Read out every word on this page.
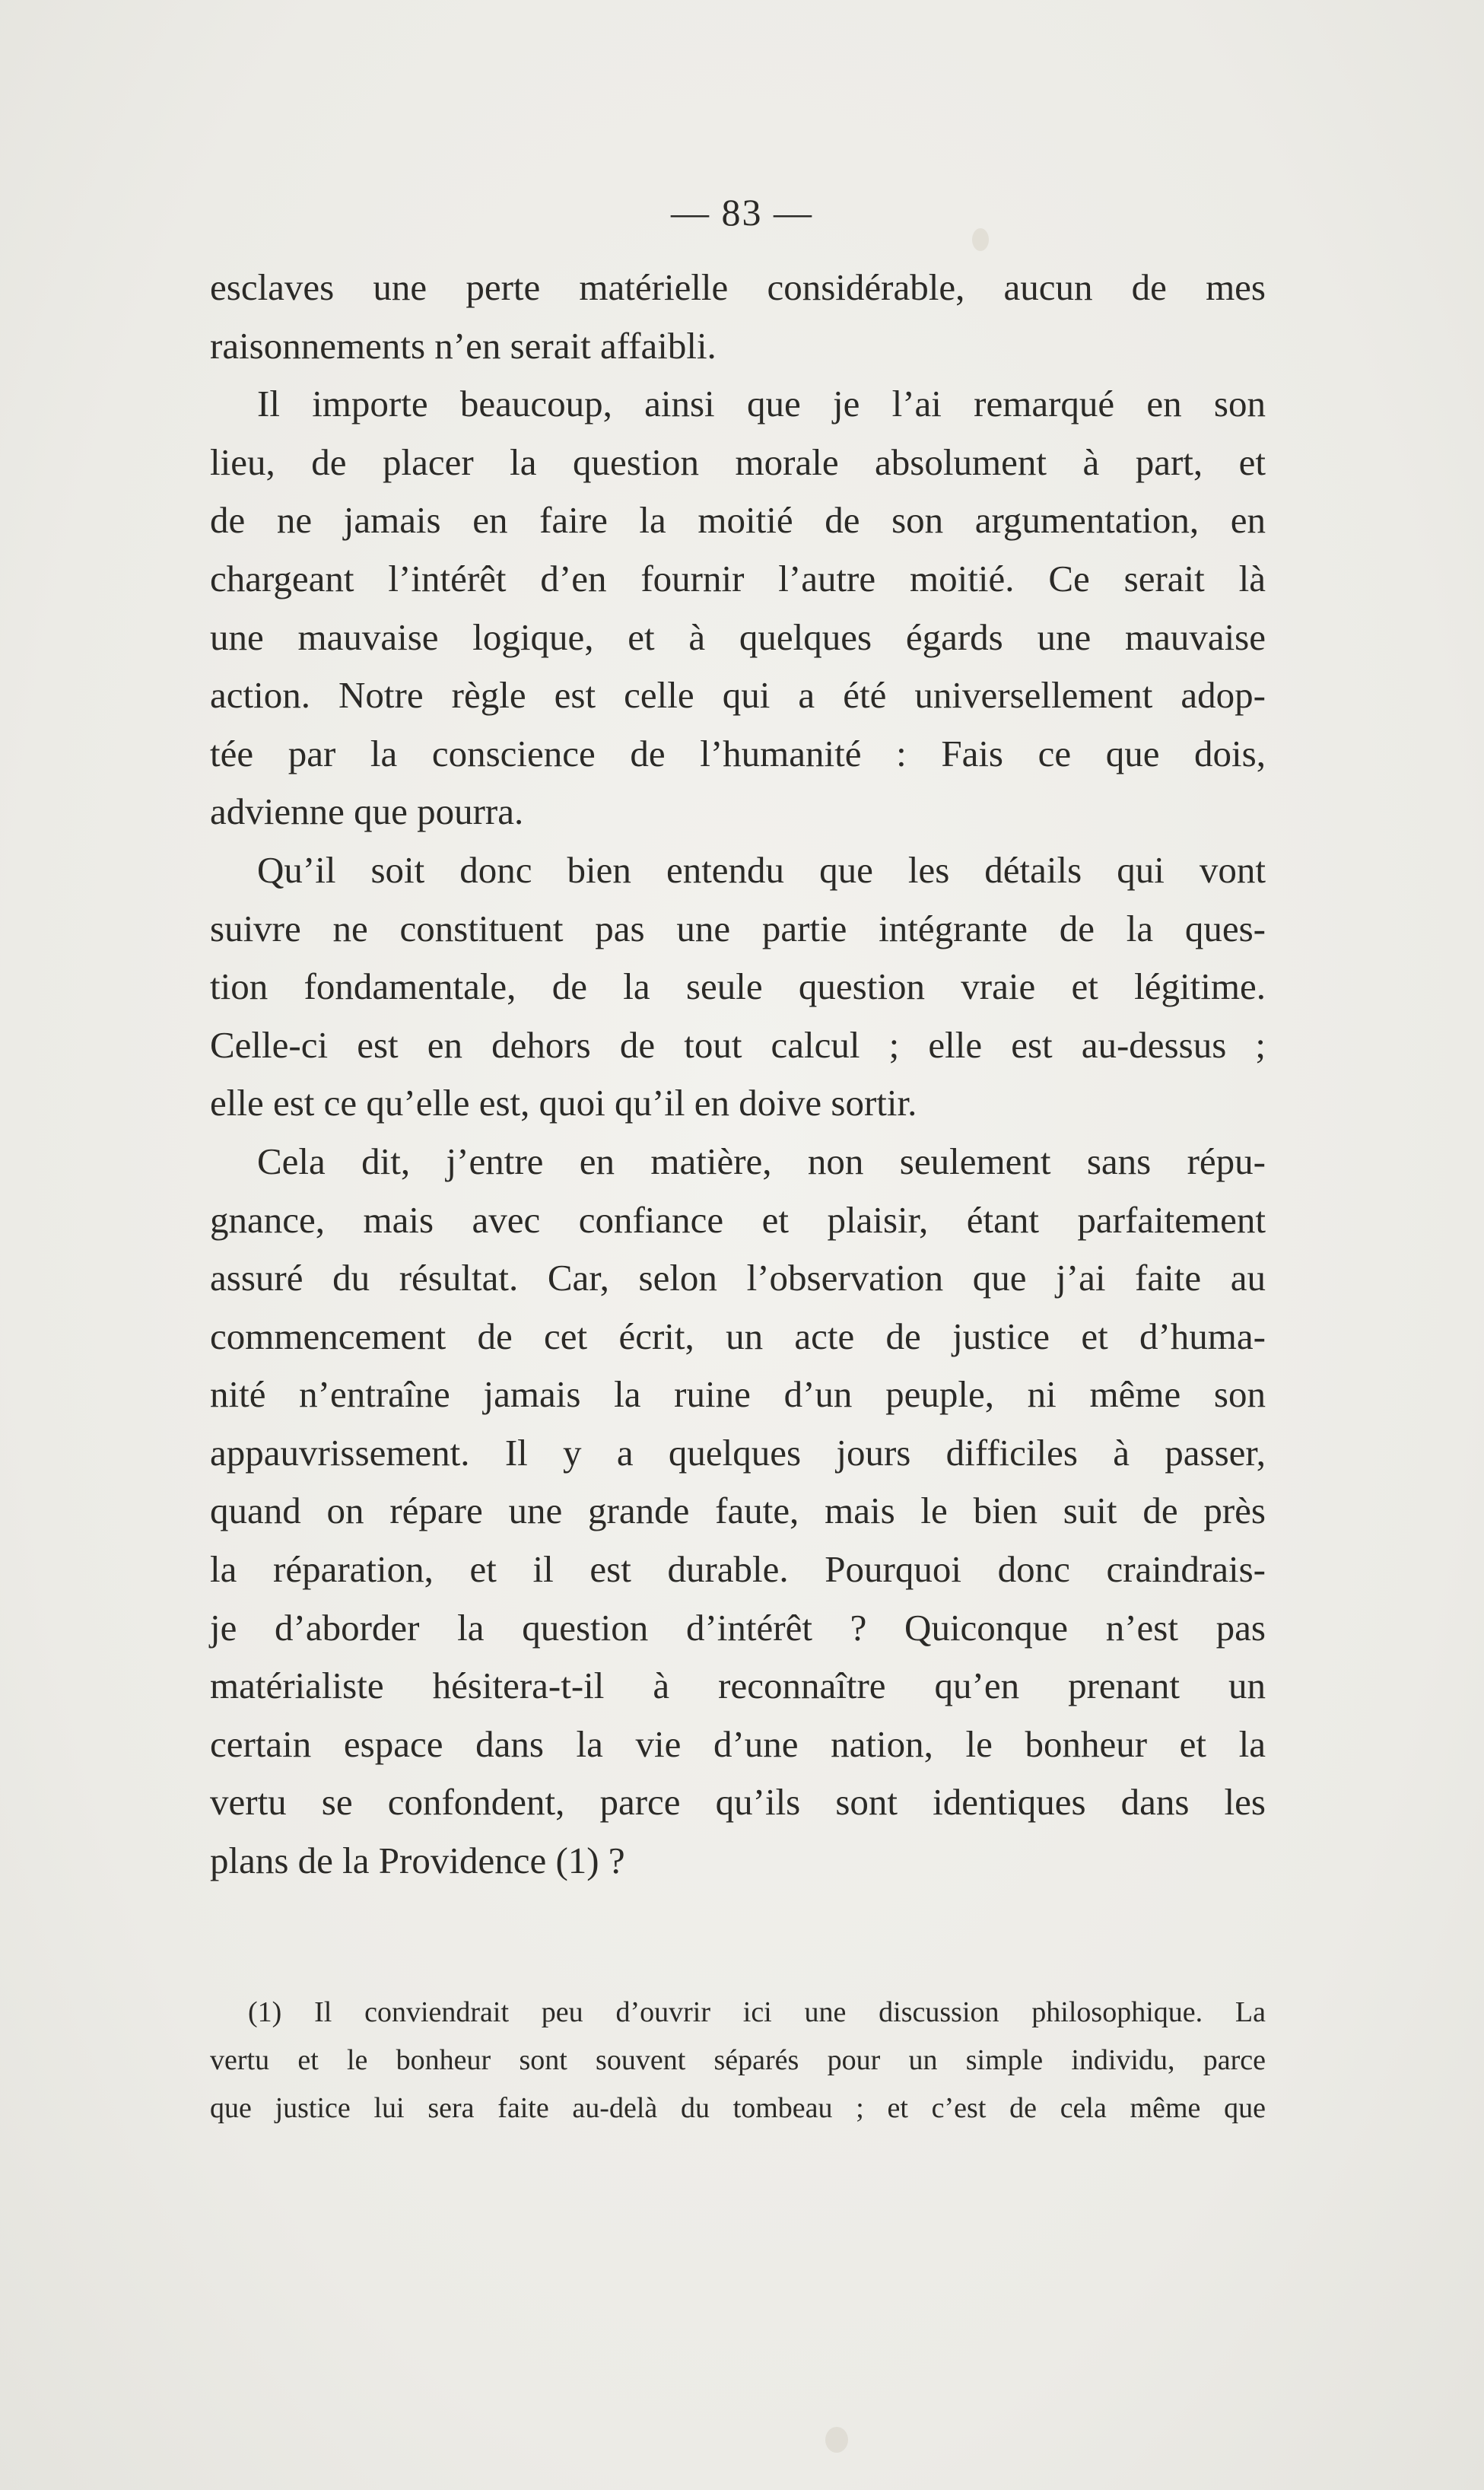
— 83 —
esclaves une perte matérielle considérable, aucun de mes
raisonnements n’en serait affaibli.
Il importe beaucoup, ainsi que je l’ai remarqué en son
lieu, de placer la question morale absolument à part, et
de ne jamais en faire la moitié de son argumentation, en
chargeant l’intérêt d’en fournir l’autre moitié. Ce serait là
une mauvaise logique, et à quelques égards une mauvaise
action. Notre règle est celle qui a été universellement adop-
tée par la conscience de l’humanité : Fais ce que dois,
advienne que pourra.
Qu’il soit donc bien entendu que les détails qui vont
suivre ne constituent pas une partie intégrante de la ques-
tion fondamentale, de la seule question vraie et légitime.
Celle-ci est en dehors de tout calcul ; elle est au-dessus ;
elle est ce qu’elle est, quoi qu’il en doive sortir.
Cela dit, j’entre en matière, non seulement sans répu-
gnance, mais avec confiance et plaisir, étant parfaitement
assuré du résultat. Car, selon l’observation que j’ai faite au
commencement de cet écrit, un acte de justice et d’huma-
nité n’entraîne jamais la ruine d’un peuple, ni même son
appauvrissement. Il y a quelques jours difficiles à passer,
quand on répare une grande faute, mais le bien suit de près
la réparation, et il est durable. Pourquoi donc craindrais-
je d’aborder la question d’intérêt ? Quiconque n’est pas
matérialiste hésitera-t-il à reconnaître qu’en prenant un
certain espace dans la vie d’une nation, le bonheur et la
vertu se confondent, parce qu’ils sont identiques dans les
plans de la Providence (1) ?
(1) Il conviendrait peu d’ouvrir ici une discussion philosophique. La
vertu et le bonheur sont souvent séparés pour un simple individu, parce
que justice lui sera faite au-delà du tombeau ; et c’est de cela même que
